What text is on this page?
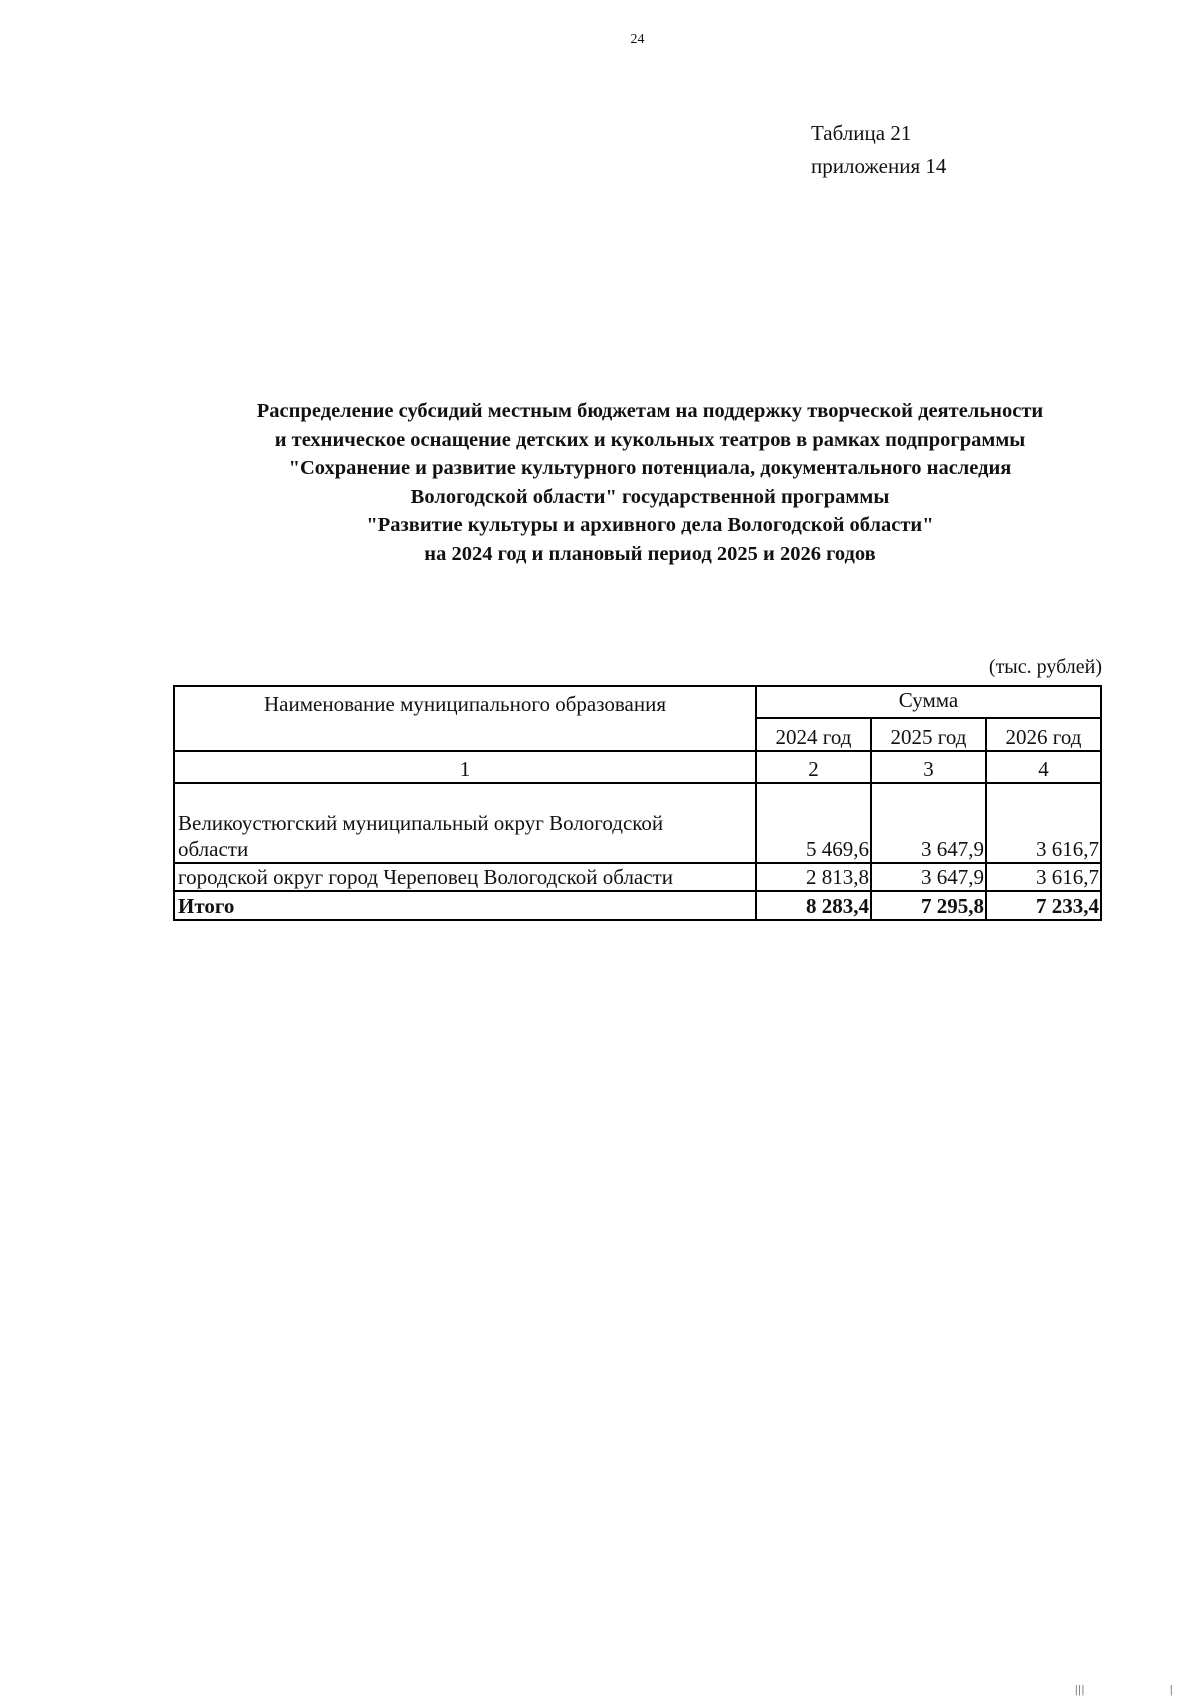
24
Таблица 21
приложения 14
Распределение субсидий местным бюджетам на поддержку творческой деятельности
и техническое оснащение детских и кукольных театров в рамках подпрограммы
"Сохранение и развитие культурного потенциала, документального наследия
Вологодской области" государственной программы
"Развитие культуры и архивного дела Вологодской области"
на 2024 год и плановый период 2025 и 2026 годов
(тыс. рублей)
Наименование муниципального образования	Сумма		
	2024 год	2025 год	2026 год
1	2	3	4

Великоустюгский муниципальный округ Вологодской
области	5 469,6	3 647,9	3 616,7
городской округ город Череповец Вологодской области	2 813,8	3 647,9	3 616,7
Итого	8 283,4	7 295,8	7 233,4
|||	|
